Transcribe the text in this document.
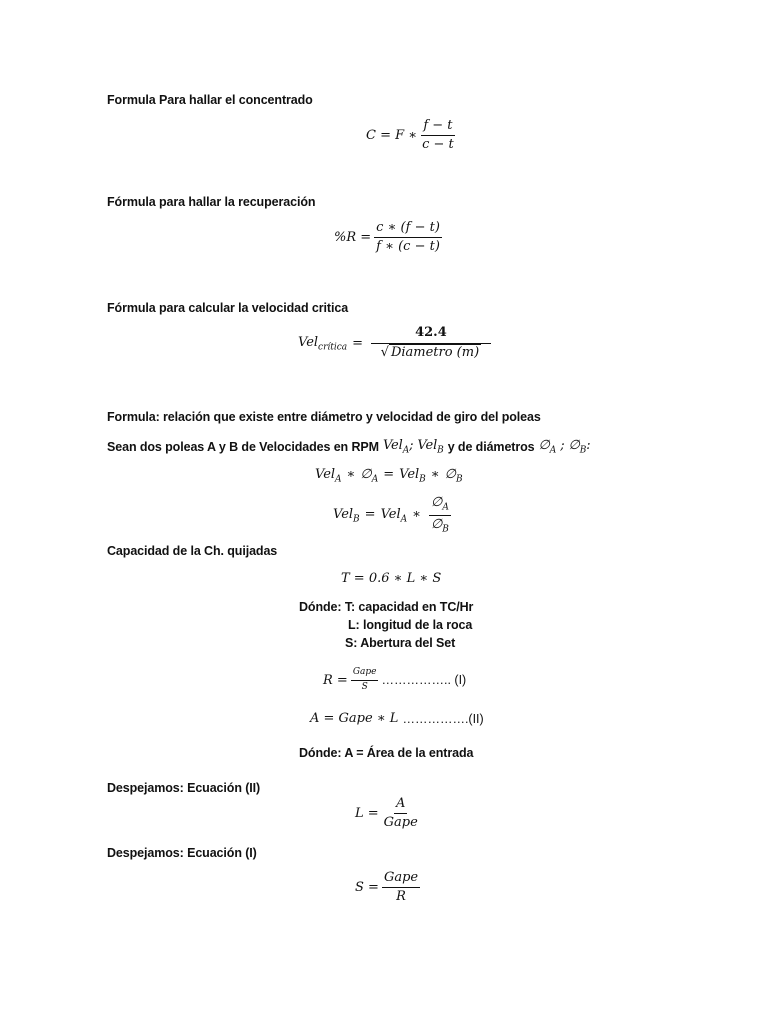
Formula Para hallar el concentrado
C = F ∗ $\frac{f - t}{c - t}$
Fórmula para hallar la recuperación
$\%R = \frac{c ∗ (f - t)}{f ∗ (c - t)}$
Fórmula para calcular la velocidad critica
$Vel_{crítica} = \frac{42.4}{\text{√ Diametro (m)}}$
Formula: relación que existe entre diámetro y velocidad de giro del poleas
Sean dos poleas A y B de Velocidades en RPM Vel$_A$; Vel$_B$ y de diámetros $\emptyset_A$ ; $\emptyset_B$:
Vel$_A$ ∗ $\emptyset_A = Vel_B$ ∗ $\emptyset_B$
Vel$_B$ = Vel$_A$ ∗ $\frac{\emptyset_A}{\emptyset_B}$
Capacidad de la Ch. quijadas
T = 0.6 ∗ L ∗ S
Dónde: T: capacidad en TC/Hr
L: longitud de la roca
S: Abertura del Set
$R = \frac{\text{Gape}}{S}$ …………….. (I)
A = Gape ∗ L …………….(II)
Dónde: A = Área de la entrada
Despejamos: Ecuación (II)
$L = \frac{A}{\text{Gape}}$
Despejamos: Ecuación (I)
$S = \frac{\text{Gape}}{R}$
